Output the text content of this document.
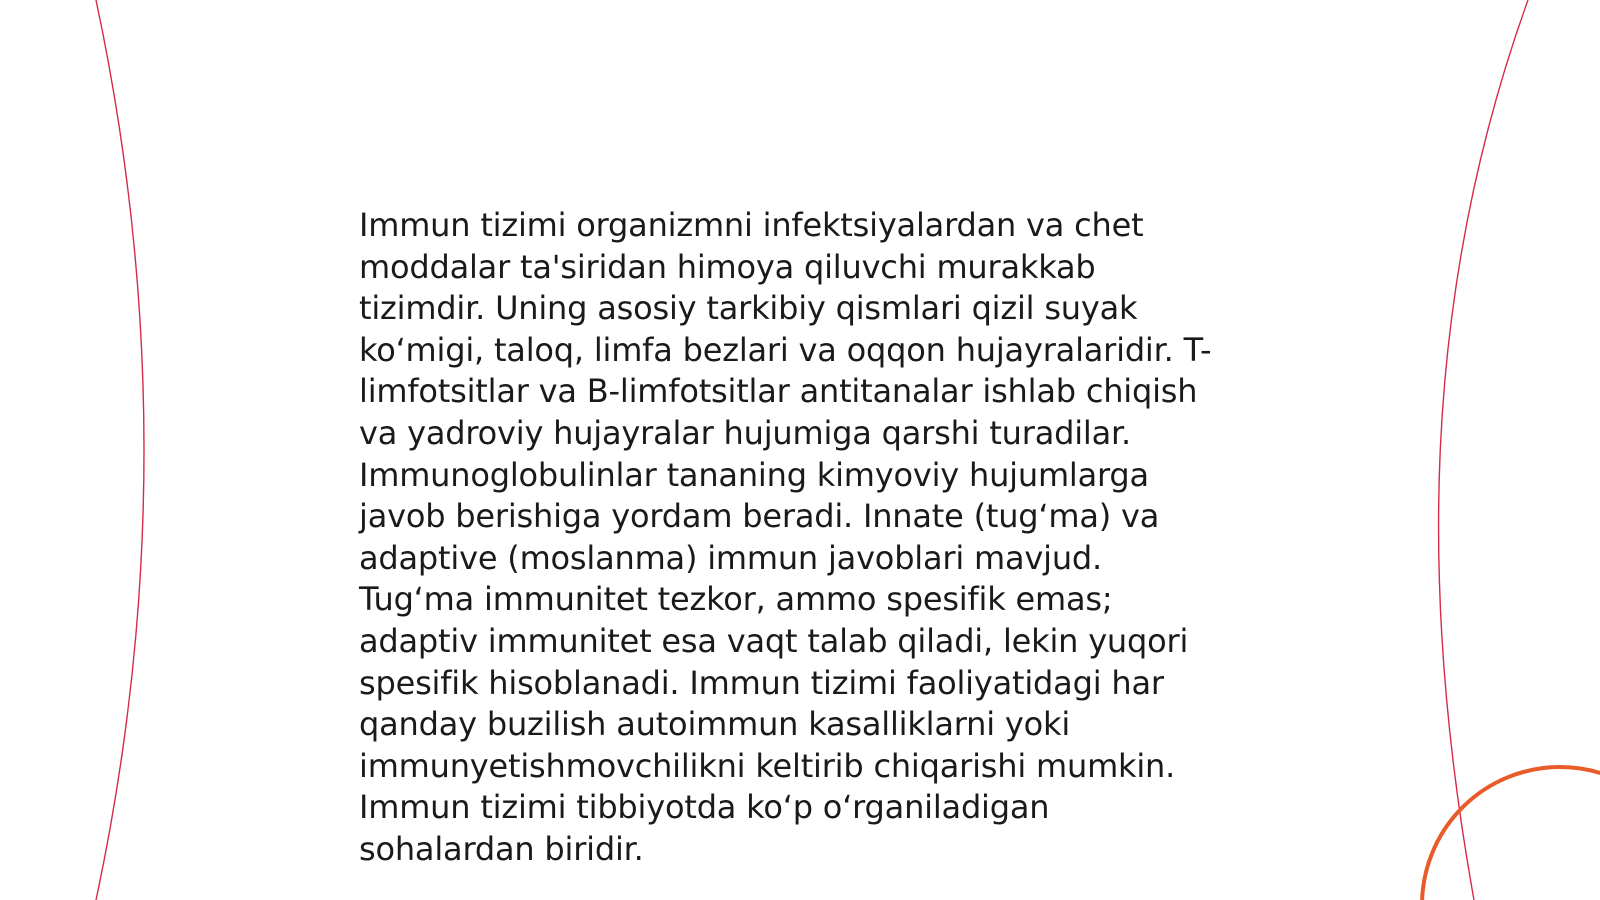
Immun tizimi organizmni infektsiyalardan va chet
moddalar ta'siridan himoya qiluvchi murakkab
tizimdir. Uning asosiy tarkibiy qismlari qizil suyak
ko‘migi, taloq, limfa bezlari va oqqon hujayralaridir. T-
limfotsitlar va B-limfotsitlar antitanalar ishlab chiqish
va yadroviy hujayralar hujumiga qarshi turadilar.
Immunoglobulinlar tananing kimyoviy hujumlarga
javob berishiga yordam beradi. Innate (tug‘ma) va
adaptive (moslanma) immun javoblari mavjud.
Tug‘ma immunitet tezkor, ammo spesifik emas;
adaptiv immunitet esa vaqt talab qiladi, lekin yuqori
spesifik hisoblanadi. Immun tizimi faoliyatidagi har
qanday buzilish autoimmun kasalliklarni yoki
immunyetishmovchilikni keltirib chiqarishi mumkin.
Immun tizimi tibbiyotda ko‘p o‘rganiladigan
sohalardan biridir.
